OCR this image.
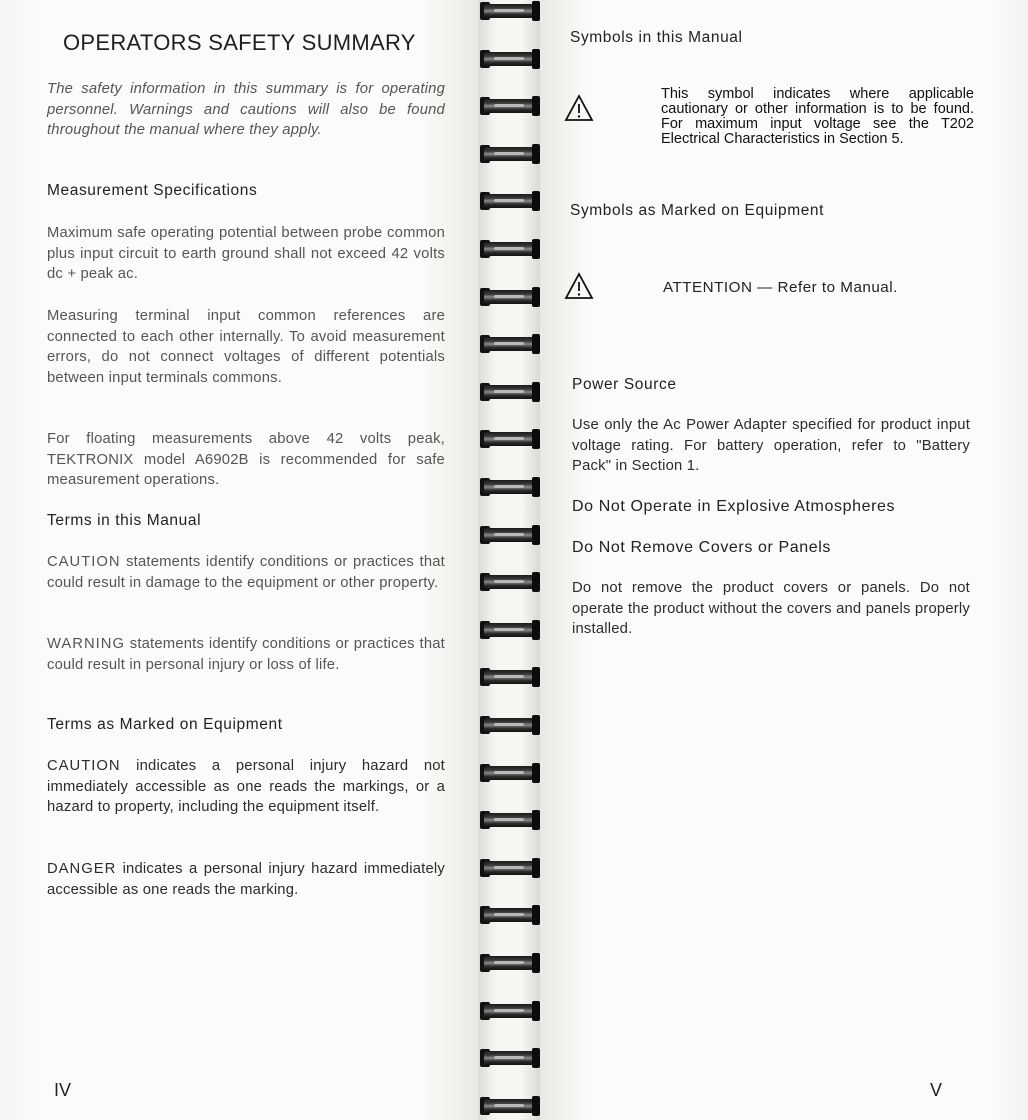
OPERATORS SAFETY SUMMARY

The safety information in this summary is for operating personnel. Warnings and cautions will also be found throughout the manual where they apply.

Measurement Specifications

Maximum safe operating potential between probe common plus input circuit to earth ground shall not exceed 42 volts dc + peak ac.

Measuring terminal input common references are connected to each other internally. To avoid measurement errors, do not connect voltages of different potentials between input terminals commons.

For floating measurements above 42 volts peak, TEKTRONIX model A6902B is recommended for safe measurement operations.

Terms in this Manual

CAUTION statements identify conditions or practices that could result in damage to the equipment or other property.

WARNING statements identify conditions or practices that could result in personal injury or loss of life.

Terms as Marked on Equipment

CAUTION indicates a personal injury hazard not immediately accessible as one reads the markings, or a hazard to property, including the equipment itself.

DANGER indicates a personal injury hazard immediately accessible as one reads the marking.

IV
Symbols in this Manual

This symbol indicates where applicable cautionary or other information is to be found. For maximum input voltage see the T202 Electrical Characteristics in Section 5.

Symbols as Marked on Equipment
ATTENTION — Refer to Manual.
Power Source

Use only the Ac Power Adapter specified for product input voltage rating. For battery operation, refer to "Battery Pack" in Section 1.

Do Not Operate in Explosive Atmospheres
Do Not Remove Covers or Panels

Do not remove the product covers or panels. Do not operate the product without the covers and panels properly installed.

V
